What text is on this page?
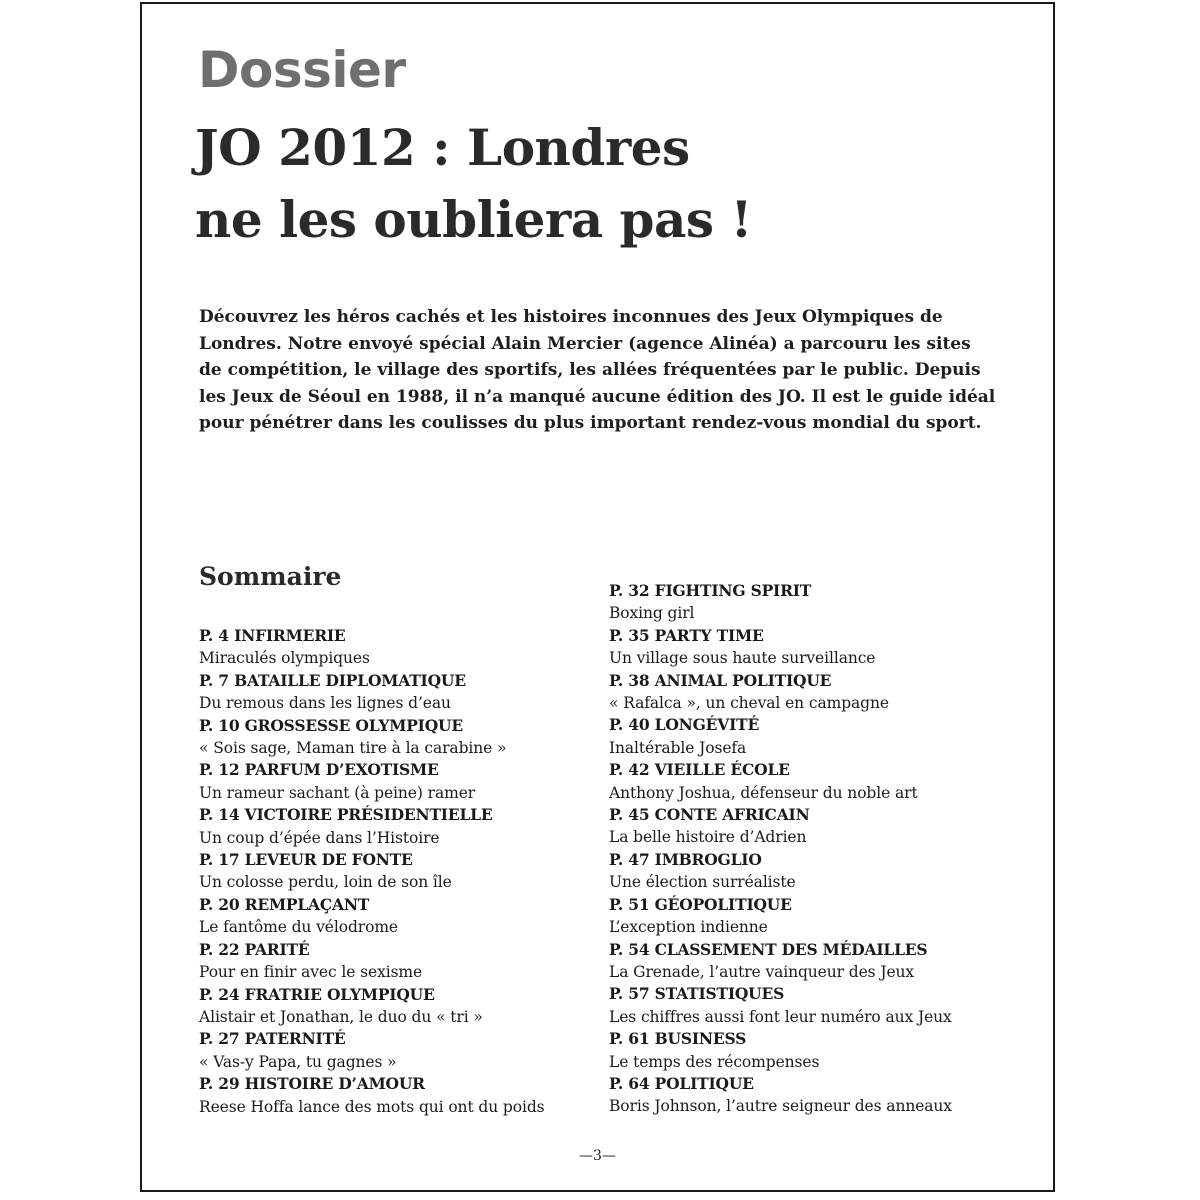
Dossier
JO 2012 : Londres
ne les oubliera pas !

Découvrez les héros cachés et les histoires inconnues des Jeux Olympiques de Londres. Notre envoyé spécial Alain Mercier (agence Alinéa) a parcouru les sites de compétition, le village des sportifs, les allées fréquentées par le public. Depuis les Jeux de Séoul en 1988, il n’a manqué aucune édition des JO. Il est le guide idéal pour pénétrer dans les coulisses du plus important rendez-vous mondial du sport.

Sommaire
P. 4 INFIRMERIE
Miraculés olympiques
P. 7 BATAILLE DIPLOMATIQUE
Du remous dans les lignes d’eau
P. 10 GROSSESSE OLYMPIQUE
« Sois sage, Maman tire à la carabine »
P. 12 PARFUM D’EXOTISME
Un rameur sachant (à peine) ramer
P. 14 VICTOIRE PRÉSIDENTIELLE
Un coup d’épée dans l’Histoire
P. 17 LEVEUR DE FONTE
Un colosse perdu, loin de son île
P. 20 REMPLAÇANT
Le fantôme du vélodrome
P. 22 PARITÉ
Pour en finir avec le sexisme
P. 24 FRATRIE OLYMPIQUE
Alistair et Jonathan, le duo du « tri »
P. 27 PATERNITÉ
« Vas-y Papa, tu gagnes »
P. 29 HISTOIRE D’AMOUR
Reese Hoffa lance des mots qui ont du poids
P. 32 FIGHTING SPIRIT
Boxing girl
P. 35 PARTY TIME
Un village sous haute surveillance
P. 38 ANIMAL POLITIQUE
« Rafalca », un cheval en campagne
P. 40 LONGÉVITÉ
Inaltérable Josefa
P. 42 VIEILLE ÉCOLE
Anthony Joshua, défenseur du noble art
P. 45 CONTE AFRICAIN
La belle histoire d’Adrien
P. 47 IMBROGLIO
Une élection surréaliste
P. 51 GÉOPOLITIQUE
L’exception indienne
P. 54 CLASSEMENT DES MÉDAILLES
La Grenade, l’autre vainqueur des Jeux
P. 57 STATISTIQUES
Les chiffres aussi font leur numéro aux Jeux
P. 61 BUSINESS
Le temps des récompenses
P. 64 POLITIQUE
Boris Johnson, l’autre seigneur des anneaux
—3—
